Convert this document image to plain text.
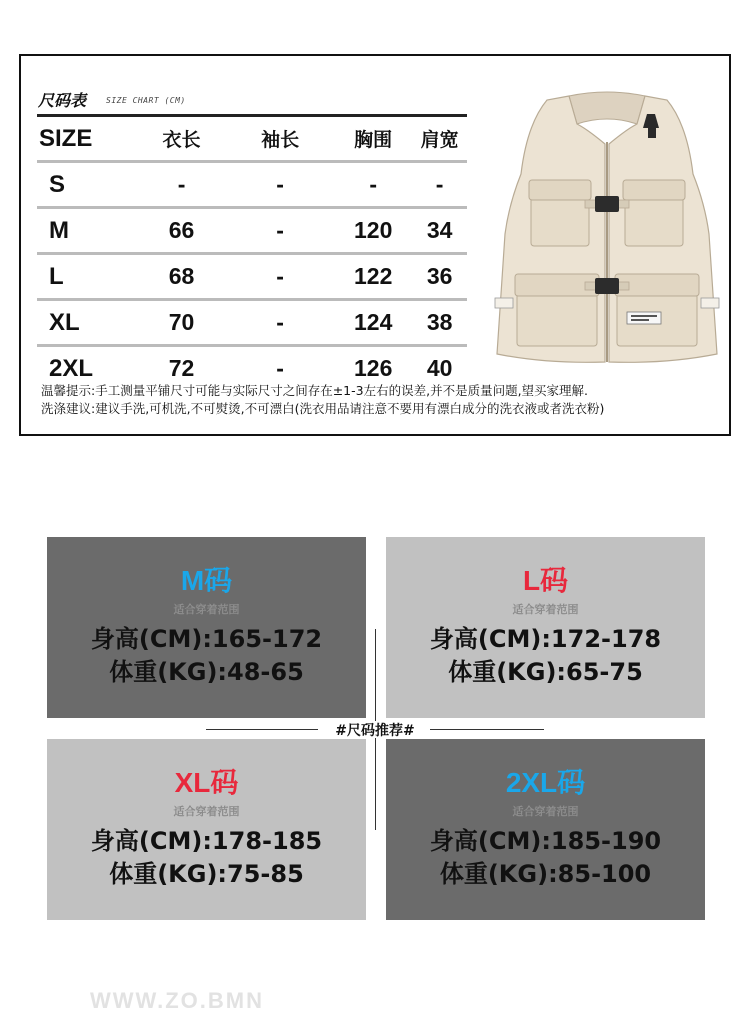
尺码表 SIZE CHART (CM)
SIZE	衣长	袖长	胸围	肩宽
S	-	-	-	-
M	66	-	120	34
L	68	-	122	36
XL	70	-	124	38
2XL	72	-	126	40
温馨提示:手工测量平铺尺寸可能与实际尺寸之间存在±1-3左右的误差,并不是质量问题,望买家理解.
洗涤建议:建议手洗,可机洗,不可熨烫,不可漂白(洗衣用品请注意不要用有漂白成分的洗衣液或者洗衣粉)
M码
适合穿着范围
身高(CM):165-172
体重(KG):48-65
L码
适合穿着范围
身高(CM):172-178
体重(KG):65-75
XL码
适合穿着范围
身高(CM):178-185
体重(KG):75-85
2XL码
适合穿着范围
身高(CM):185-190
体重(KG):85-100
#尺码推荐#
WWW.ZO.BMN
